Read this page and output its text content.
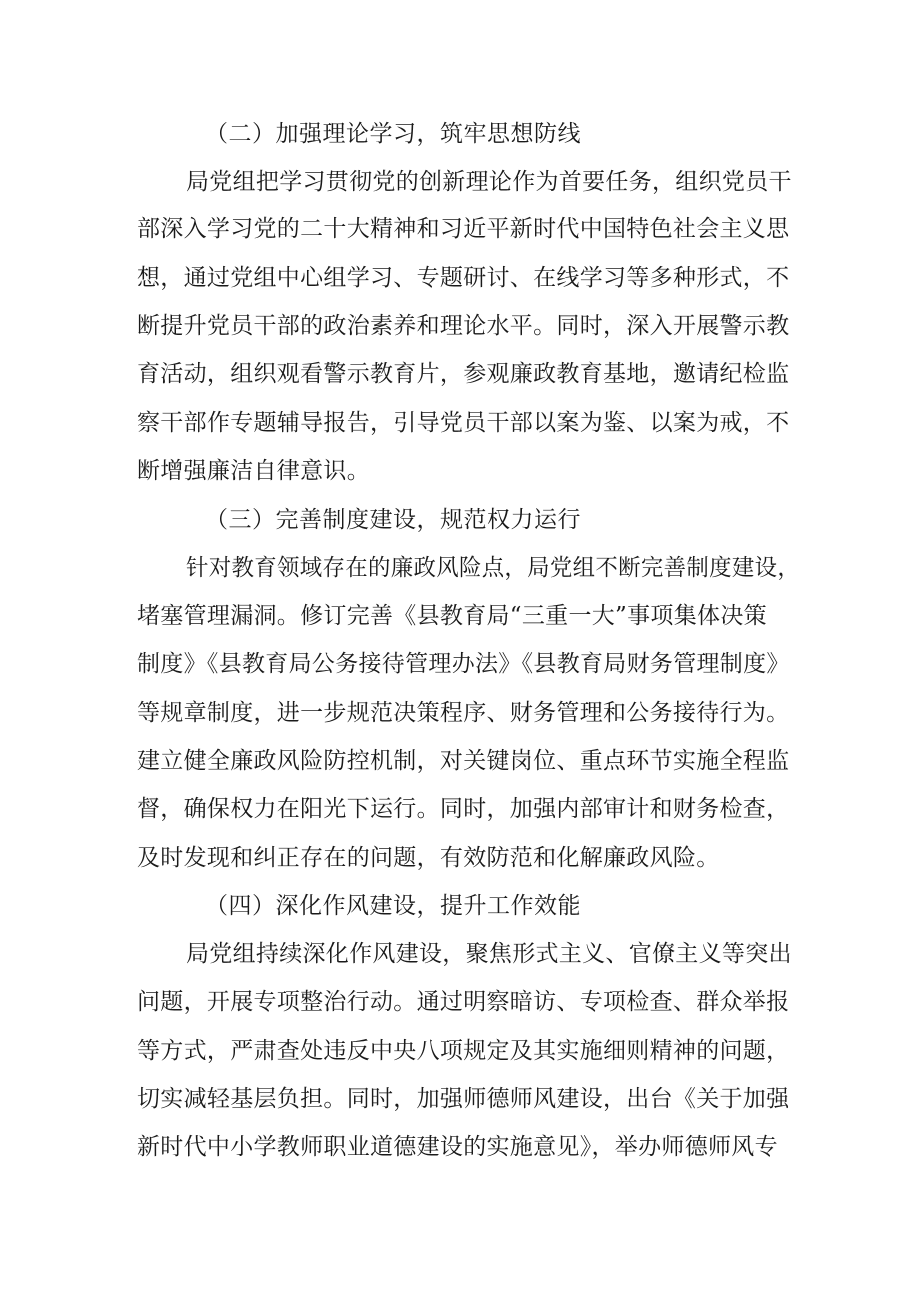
（二）加强理论学习，筑牢思想防线
局党组把学习贯彻党的创新理论作为首要任务，组织党员干
部深入学习党的二十大精神和习近平新时代中国特色社会主义思
想，通过党组中心组学习、专题研讨、在线学习等多种形式，不
断提升党员干部的政治素养和理论水平。同时，深入开展警示教
育活动，组织观看警示教育片，参观廉政教育基地，邀请纪检监
察干部作专题辅导报告，引导党员干部以案为鉴、以案为戒，不
断增强廉洁自律意识。
（三）完善制度建设，规范权力运行
针对教育领域存在的廉政风险点，局党组不断完善制度建设，
堵塞管理漏洞。修订完善《县教育局“三重一大”事项集体决策
制度》《县教育局公务接待管理办法》《县教育局财务管理制度》
等规章制度，进一步规范决策程序、财务管理和公务接待行为。
建立健全廉政风险防控机制，对关键岗位、重点环节实施全程监
督，确保权力在阳光下运行。同时，加强内部审计和财务检查，
及时发现和纠正存在的问题，有效防范和化解廉政风险。
（四）深化作风建设，提升工作效能
局党组持续深化作风建设，聚焦形式主义、官僚主义等突出
问题，开展专项整治行动。通过明察暗访、专项检查、群众举报
等方式，严肃查处违反中央八项规定及其实施细则精神的问题，
切实减轻基层负担。同时，加强师德师风建设，出台《关于加强
新时代中小学教师职业道德建设的实施意见》，举办师德师风专
